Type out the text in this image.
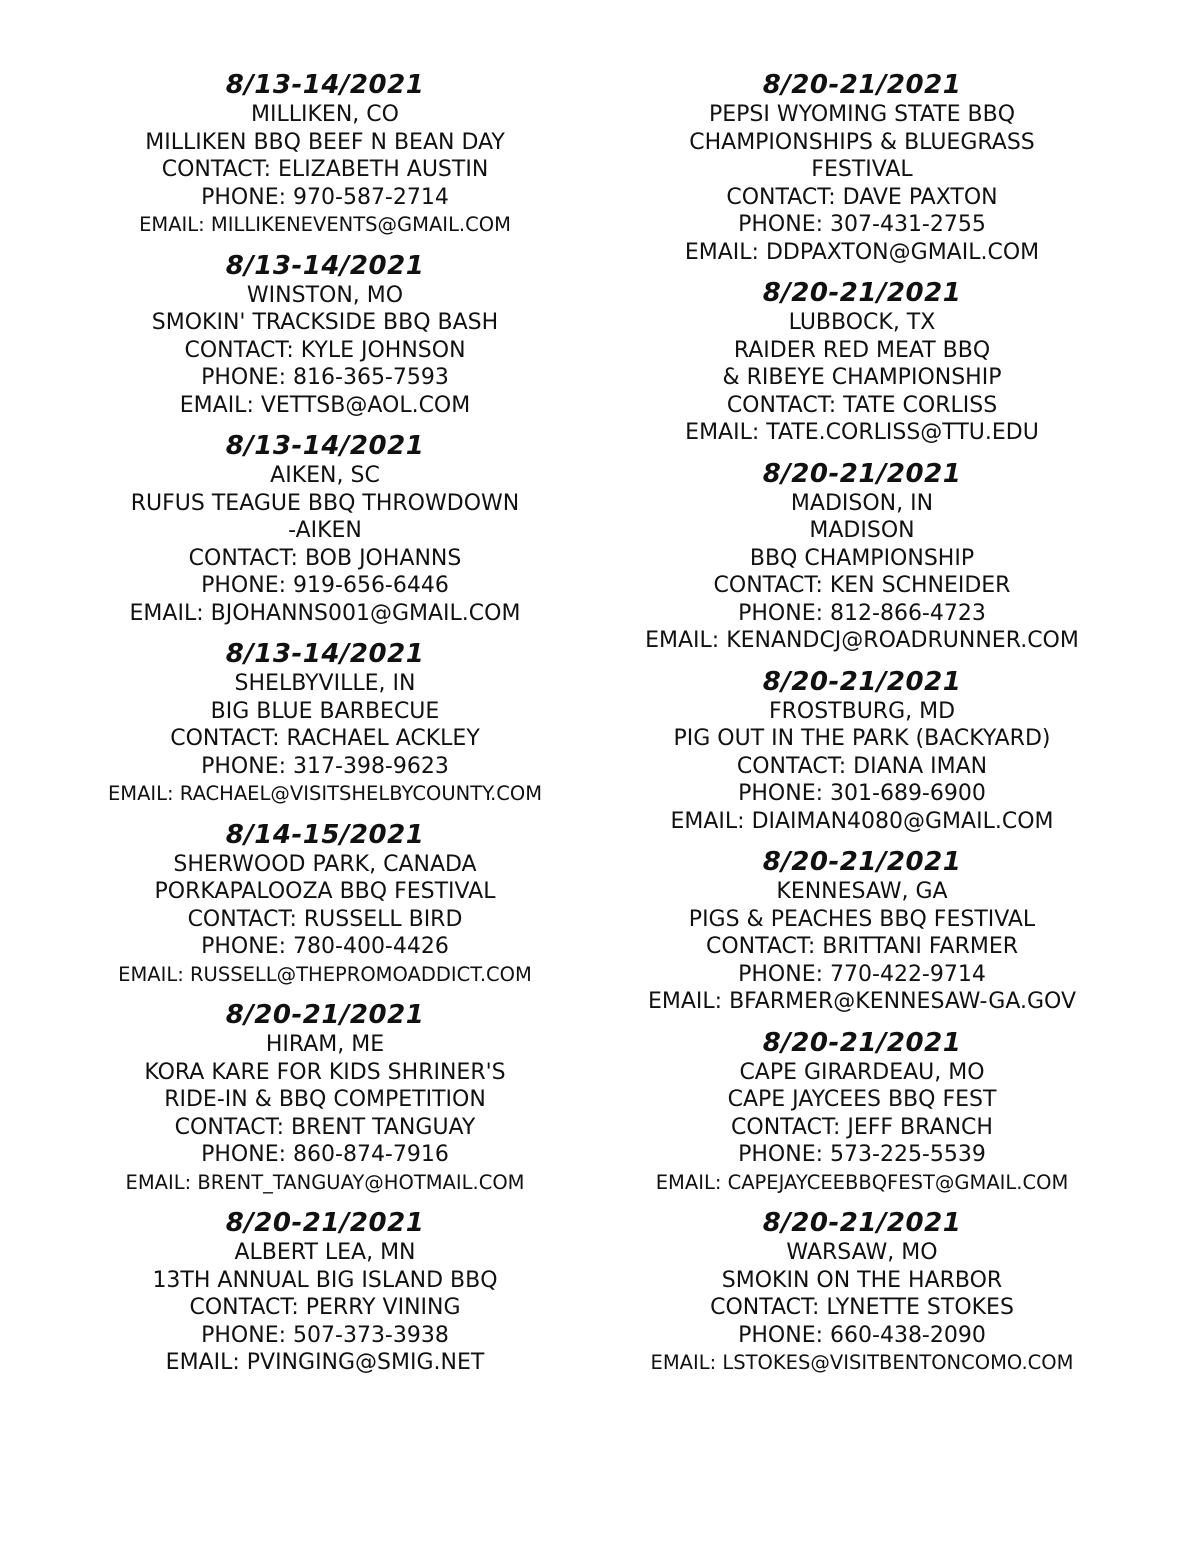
8/13-14/2021
MILLIKEN, CO
MILLIKEN BBQ BEEF N BEAN DAY
CONTACT: ELIZABETH AUSTIN
PHONE: 970-587-2714
EMAIL: MILLIKENEVENTS@GMAIL.COM
8/13-14/2021
WINSTON, MO
SMOKIN' TRACKSIDE BBQ BASH
CONTACT: KYLE JOHNSON
PHONE: 816-365-7593
EMAIL: VETTSB@AOL.COM
8/13-14/2021
AIKEN, SC
RUFUS TEAGUE BBQ THROWDOWN
-AIKEN
CONTACT: BOB JOHANNS
PHONE: 919-656-6446
EMAIL: BJOHANNS001@GMAIL.COM
8/13-14/2021
SHELBYVILLE, IN
BIG BLUE BARBECUE
CONTACT: RACHAEL ACKLEY
PHONE: 317-398-9623
EMAIL: RACHAEL@VISITSHELBYCOUNTY.COM
8/14-15/2021
SHERWOOD PARK, CANADA
PORKAPALOOZA BBQ FESTIVAL
CONTACT: RUSSELL BIRD
PHONE: 780-400-4426
EMAIL: RUSSELL@THEPROMOADDICT.COM
8/20-21/2021
HIRAM, ME
KORA KARE FOR KIDS SHRINER'S
RIDE-IN & BBQ COMPETITION
CONTACT: BRENT TANGUAY
PHONE: 860-874-7916
EMAIL: BRENT_TANGUAY@HOTMAIL.COM
8/20-21/2021
ALBERT LEA, MN
13TH ANNUAL BIG ISLAND BBQ
CONTACT: PERRY VINING
PHONE: 507-373-3938
EMAIL: PVINGING@SMIG.NET
8/20-21/2021
PEPSI WYOMING STATE BBQ
CHAMPIONSHIPS & BLUEGRASS
FESTIVAL
CONTACT: DAVE PAXTON
PHONE: 307-431-2755
EMAIL: DDPAXTON@GMAIL.COM
8/20-21/2021
LUBBOCK, TX
RAIDER RED MEAT BBQ
& RIBEYE CHAMPIONSHIP
CONTACT: TATE CORLISS
EMAIL: TATE.CORLISS@TTU.EDU
8/20-21/2021
MADISON, IN
MADISON
BBQ CHAMPIONSHIP
CONTACT: KEN SCHNEIDER
PHONE: 812-866-4723
EMAIL: KENANDCJ@ROADRUNNER.COM
8/20-21/2021
FROSTBURG, MD
PIG OUT IN THE PARK (BACKYARD)
CONTACT: DIANA IMAN
PHONE: 301-689-6900
EMAIL: DIAIMAN4080@GMAIL.COM
8/20-21/2021
KENNESAW, GA
PIGS & PEACHES BBQ FESTIVAL
CONTACT: BRITTANI FARMER
PHONE: 770-422-9714
EMAIL: BFARMER@KENNESAW-GA.GOV
8/20-21/2021
CAPE GIRARDEAU, MO
CAPE JAYCEES BBQ FEST
CONTACT: JEFF BRANCH
PHONE: 573-225-5539
EMAIL: CAPEJAYCEEBBQFEST@GMAIL.COM
8/20-21/2021
WARSAW, MO
SMOKIN ON THE HARBOR
CONTACT: LYNETTE STOKES
PHONE: 660-438-2090
EMAIL: LSTOKES@VISITBENTONCOMO.COM
